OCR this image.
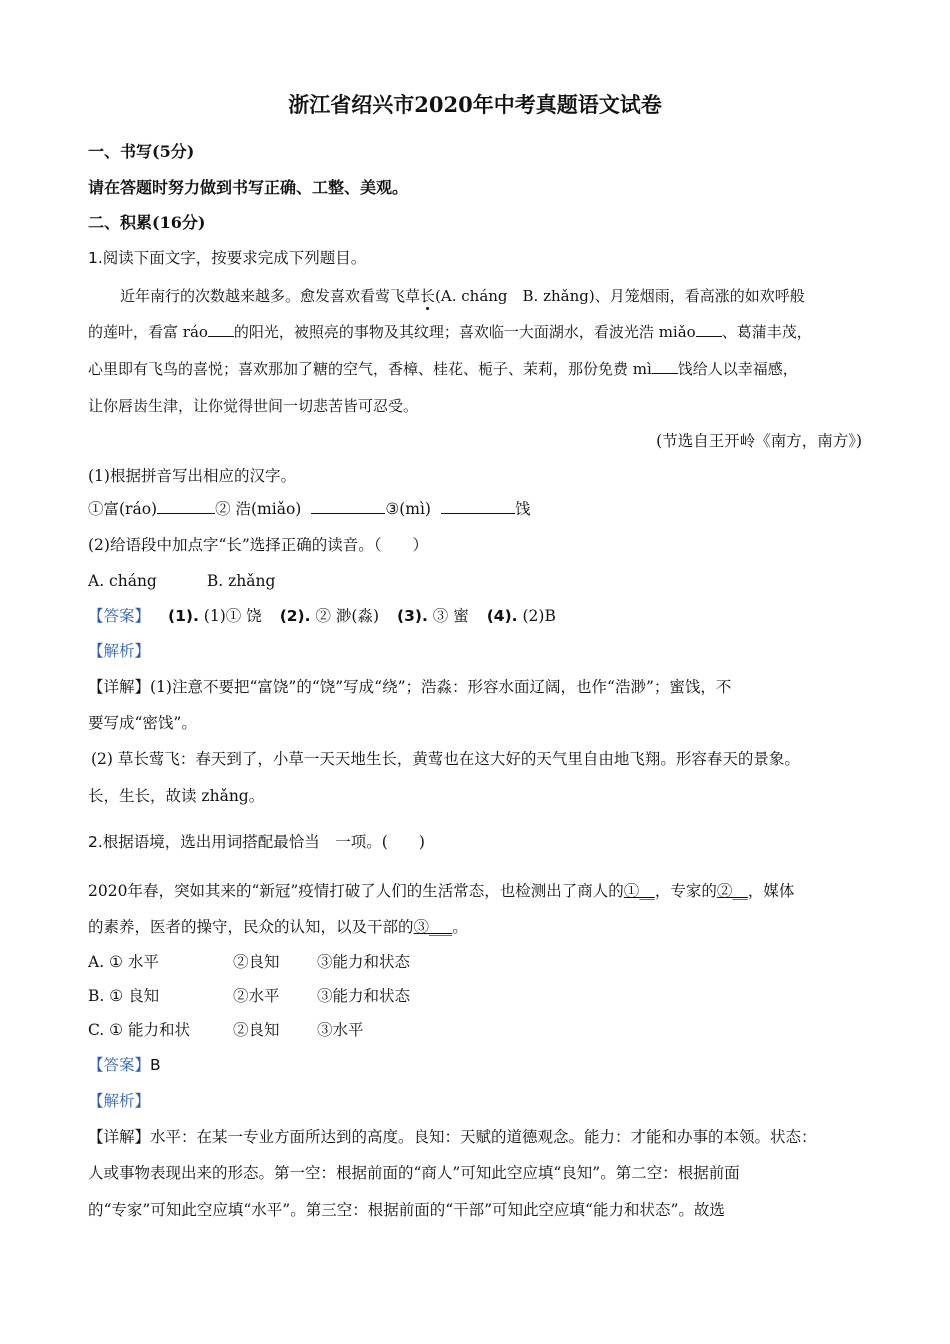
浙江省绍兴市2020年中考真题语文试卷
一、书写(5分)
请在答题时努力做到书写正确、工整、美观。
二、积累(16分)
1.阅读下面文字，按要求完成下列题目。
近年南行的次数越来越多。愈发喜欢看莺飞草长(A. cháng　B. zhǎng)、月笼烟雨，看高涨的如欢呼般
的莲叶，看富 ráo 的阳光，被照亮的事物及其纹理；喜欢临一大面湖水，看波光浩 miǎo 、葛蒲丰茂，
心里即有飞鸟的喜悦；喜欢那加了糖的空气，香樟、桂花、栀子、茉莉，那份免费 mì 饯给人以幸福感，
让你唇齿生津，让你觉得世间一切悲苦皆可忍受。
(节选自王开岭《南方，南方》)
(1)根据拼音写出相应的汉字。
①富(ráo)	② 浩(miǎo)	③(mì)	饯
(2)给语段中加点字“长”选择正确的读音。（　　）
A. cháng	B. zhǎng
【答案】 (1). (1)① 饶 (2). ② 渺(淼) (3). ③ 蜜 (4). (2)B
【解析】
【详解】(1)注意不要把“富饶”的“饶”写成“绕”；浩淼：形容水面辽阔，也作“浩渺”；蜜饯，不
要写成“密饯”。
(2) 草长莺飞：春天到了，小草一天天地生长，黄莺也在这大好的天气里自由地飞翔。形容春天的景象。
长，生长，故读 zhǎng。
2.根据语境，选出用词搭配最恰当　一项。(　　)
2020年春，突如其来的“新冠”疫情打破了人们的生活常态，也检测出了商人的①__，专家的②__，媒体
的素养，医者的操守，民众的认知，以及干部的③___。
A. ① 水平	②良知 ③能力和状态
B. ① 良知	②水平 ③能力和状态
C. ① 能力和状	②良知 ③水平
【答案】B
【解析】
【详解】水平：在某一专业方面所达到的高度。良知：天赋的道德观念。能力：才能和办事的本领。状态：
人或事物表现出来的形态。第一空：根据前面的“商人”可知此空应填“良知”。第二空：根据前面
的“专家”可知此空应填“水平”。第三空：根据前面的“干部”可知此空应填“能力和状态”。故选
